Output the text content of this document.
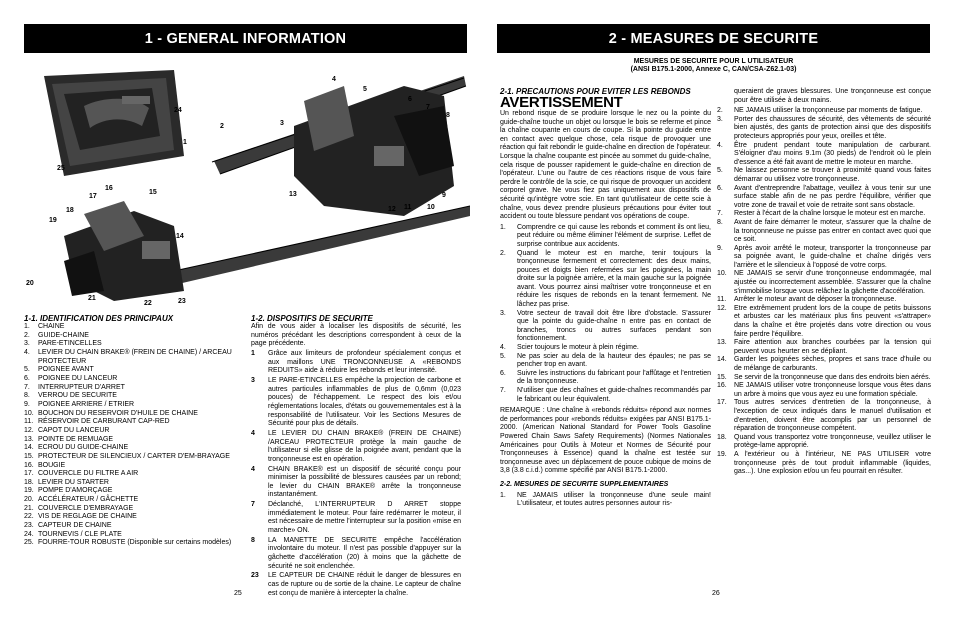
1 - GENERAL INFORMATION
25
24
2
1
3
4
5
6
7
8
9
10
11
12
13
14
15
16
17
18
19
20
21
22	23
1-1. IDENTIFICATION DES PRINCIPAUX
1.	CHAINE
2.	GUIDE-CHAINE
3.	PARE-ETINCELLES
4.	LEVIER DU CHAIN BRAKE® (FREIN DE CHAINE) / ARCEAU PROTECTEUR
5.	POIGNEE AVANT
6.	POIGNEE DU LANCEUR
7.	INTERRUPTEUR D'ARRET
8.	VERROU DE SECURITE
9.	POIGNEE ARRIERE / ETRIER
10. BOUCHON DU RESERVOIR D'HUILE DE CHAINE
11. RÉSERVOIR DE CARBURANT CAP-RED
12. CAPOT DU LANCEUR
13. POINTE DE REMUAGE
14. ECROU DU GUIDE-CHAINE
15. PROTECTEUR DE SILENCIEUX / CARTER D'EM-BRAYAGE
16. BOUGIE
17. COUVERCLE DU FILTRE A AIR
18. LEVIER DU STARTER
19. POMPE D'AMORÇAGE
20. ACCÉLÉRATEUR / GÂCHETTE
21. COUVERCLE D'EMBRAYAGE
22. VIS DE REGLAGE DE CHAINE
23. CAPTEUR DE CHAINE
24. TOURNEVIS / CLE PLATE
25. FOURRE-TOUR ROBUSTE (Disponible sur certains modèles)
1-2. DISPOSITIFS DE SECURITE

Afin de vous aider à localiser les dispositifs de sécurité, les numéros précédant les descriptions correspondent à ceux de la page précédente.

1	Grâce aux limiteurs de profondeur spécialement conçus et aux maillons UNE TRONCONNEUSE A «REBONDS REDUITS» aide à réduire les rebonds et leur intensité.
3	LE PARE-ETINCELLES empêche la projection de carbone et autres particules inflammables de plus de 0,6mm (0,023 pouces) de l'échappement. Le respect des lois et/ou réglementations locales, d'états ou gouvernementales est à la responsabilité de l'utilisateur. Voir les Sections Mesures de Sécurité pour plus de détails.
4	LE LEVIER DU CHAIN BRAKE® (FREIN DE CHAINE) /ARCEAU PROTECTEUR protège la main gauche de l'utilisateur si elle glisse de la poignée avant, pendant que la tronçonneuse est en opération.
4	CHAIN BRAKE® est un dispositif de sécurité conçu pour minimiser la possibilité de blessures causées par un rebond; le levier du CHAIN BRAKE® arrête la tronçonneuse instantanément.
7	Déclanché, L'INTERRUPTEUR D ARRET stoppe immédiatement le moteur. Pour faire redémarrer le moteur, il est nécessaire de mettre l'interrupteur sur la position «mise en marche» ON.
8	LA MANETTE DE SECURITE empêche l'accélération involontaire du moteur. Il n'est pas possible d'appuyer sur la gâchette d'accélération (20) à moins que la gâchette de sécurité ne soit enclenchée.
23	LE CAPTEUR DE CHAINE réduit le danger de blessures en cas de rupture ou de sortie de la chaine. Le capteur de chaîne est conçu de manière à intercepter la chaîne.
25
2 - MEASURES DE SECURITE
MESURES DE SECURITE POUR L UTILISATEUR
(ANSI B175.1-2000, Annexe C, CAN/CSA-Z62.1-03)
2-1. PRECAUTIONS POUR EVITER LES REBONDS
AVERTISSEMENT

Un rebond risque de se produire lorsque le nez ou la pointe du guide-chaîne touche un objet ou lorsque le bois se referme et pince la chaîne coupante en cours de coupe. Si la pointe du guide entre en contact avec quelque chose, cela risque de provoquer une réaction qui fait rebondir le guide-chaîne en direction de l'opérateur. Lorsque la chaîne coupante est pincée au sommet du guide-chaîne, cela risque de pousser rapidement le guide-chaîne en direction de l'opérateur. L'une ou l'autre de ces réactions risque de vous faire perdre le contrôle de la scie, ce qui risque de provoquer un accident corporel grave. Ne vous fiez pas uniquement aux dispositifs de sécurité qu'intègre votre scie. En tant qu'utilisateur de cette scie à chaîne, vous devez prendre plusieurs précautions pour éviter tout accident ou toute blessure pendant vos opérations de coupe.

1.	Comprendre ce qui cause les rebonds et comment ils ont lieu, peut réduire ou même éliminer l'élément de surprise. Leffet de surprise contribue aux accidents.
2.	Quand le moteur est en marche, tenir toujours la tronçonneuse fermement et correctement: des deux mains, pouces et doigts bien refermées sur les poignées, la main droite sur la poignée arrière, et la main gauche sur la poignée avant. Vous pourrez ainsi maîtriser votre tronçonneuse et en réduire les risques de rebonds en la tenant fermement. Ne lâchez pas prise.
3.	Votre secteur de travail doit être libre d'obstacle. S'assurer que la pointe du guide-chaîne n entre pas en contact de branches, troncs ou autres surfaces pendant son fonctionnement.
4.	Scier toujours le moteur à plein régime.
5.	Ne pas scier au dela de la hauteur des épaules; ne pas se pencher trop en avant.
6.	Suivre les instructions du fabricant pour l'affûtage et l'entretien de la tronçonneuse.
7.	N'utiliser que des chaînes et guide-chaînes recommandés par le fabricant ou leur équivalent.

REMARQUE : Une chaîne à «rebonds réduits» répond aux normes de performances pour «rebonds réduits» exigées par ANSI B175.1-2000. (American National Standard for Power Tools Gasoline Powered Chain Saws Safety Requirements) (Normes Nationales Américaines pour Outils à Moteur et Normes de Sécurité pour Tronçonneuses à Essence) quand la chaîne est testée sur tronçonneuse avec un déplacement de pouce cubique de moins de 3,8 (3.8 c.i.d.) comme spécifié par ANSI B175.1-2000.

2-2. MESURES DE SECURITE SUPPLEMENTAIRES
1.	NE JAMAIS utiliser la tronçonneuse d'une seule main! L'utilisateur, et toutes autres personnes autour ris-

queraient de graves blessures. Une tronçonneuse est conçue pour être utilisée à deux mains.

2.	NE JAMAIS utiliser la tronçonneuse par moments de fatigue.
3.	Porter des chaussures de sécurité, des vêtements de sécurité bien ajustés, des gants de protection ainsi que des dispositifs protecteurs appropriés pour yeux, oreilles et tête.
4.	Être prudent pendant toute manipulation de carburant. S'éloigner d'au moins 9.1m (30 pieds) de l'endroit où le plein d'essence a été fait avant de mettre le moteur en marche.
5.	Ne laissez personne se trouver à proximité quand vous faites démarrar ou utilisez votre tronçonneuse.
6.	Avant d'entreprendre l'abattage, veuillez à vous tenir sur une surface stable afin de ne pas perdre l'équilibre, vérifier que votre zone de travail et voie de retraite sont sans obstacle.
7.	Rester à l'écart de la chaîne lorsque le moteur est en marche.
8.	Avant de faire démarrer le moteur, s'assurer que la chaîne de la tronçonneuse ne puisse pas entrer en contact avec quoi que ce soit.
9.	Après avoir arrêté le moteur, transporter la tronçonneuse par sa poignée avant, le guide-chaîne et chaîne dirigés vers l'arrière et le silencieux à l'opposé de votre corps.
10.	NE JAMAIS se servir d'une tronçonneuse endommagée, mal ajustée ou incorrectement assemblée. S'assurer que la chaîne s'immobilise lorsque vous relâchez la gâchette d'accélération.
11.	Arrêter le moteur avant de déposer la tronçonneuse.
12.	Etre extrêmement prudent lors de la coupe de petits buissons et arbustes car les matériaux plus fins peuvent «s'attraper» dans la chaîne et être projetés dans votre direction ou vous faire perdre l'équilibre.
13.	Faire attention aux branches courbées par la tension qui peuvent vous heurter en se dépliant.
14.	Garder les poignées sèches, propres et sans trace d'huile ou de mélange de carburants.
15.	Se servir de la tronçonneuse que dans des endroits bien aérés.
16.	NE JAMAIS utiliser votre tronçonneuse lorsque vous êtes dans un arbre à moins que vous ayez eu une formation spéciale.
17.	Tous autres services d'entretien de la tronçonneuse, à l'exception de ceux indiqués dans le manuel d'utilisation et d'entretien, doivent être accomplis par un personnel de réparation de tronçonneuse compétent.
18.	Quand vous transportez votre tronçonneuse, veuillez utiliser le protège-lame approprié.
19.	A l'extérieur ou à l'intérieur, NE PAS UTILISER votre tronçonneuse près de tout produit inflammable (liquides, gas...). Une explosion et/ou un feu pourrait en résulter.
26
